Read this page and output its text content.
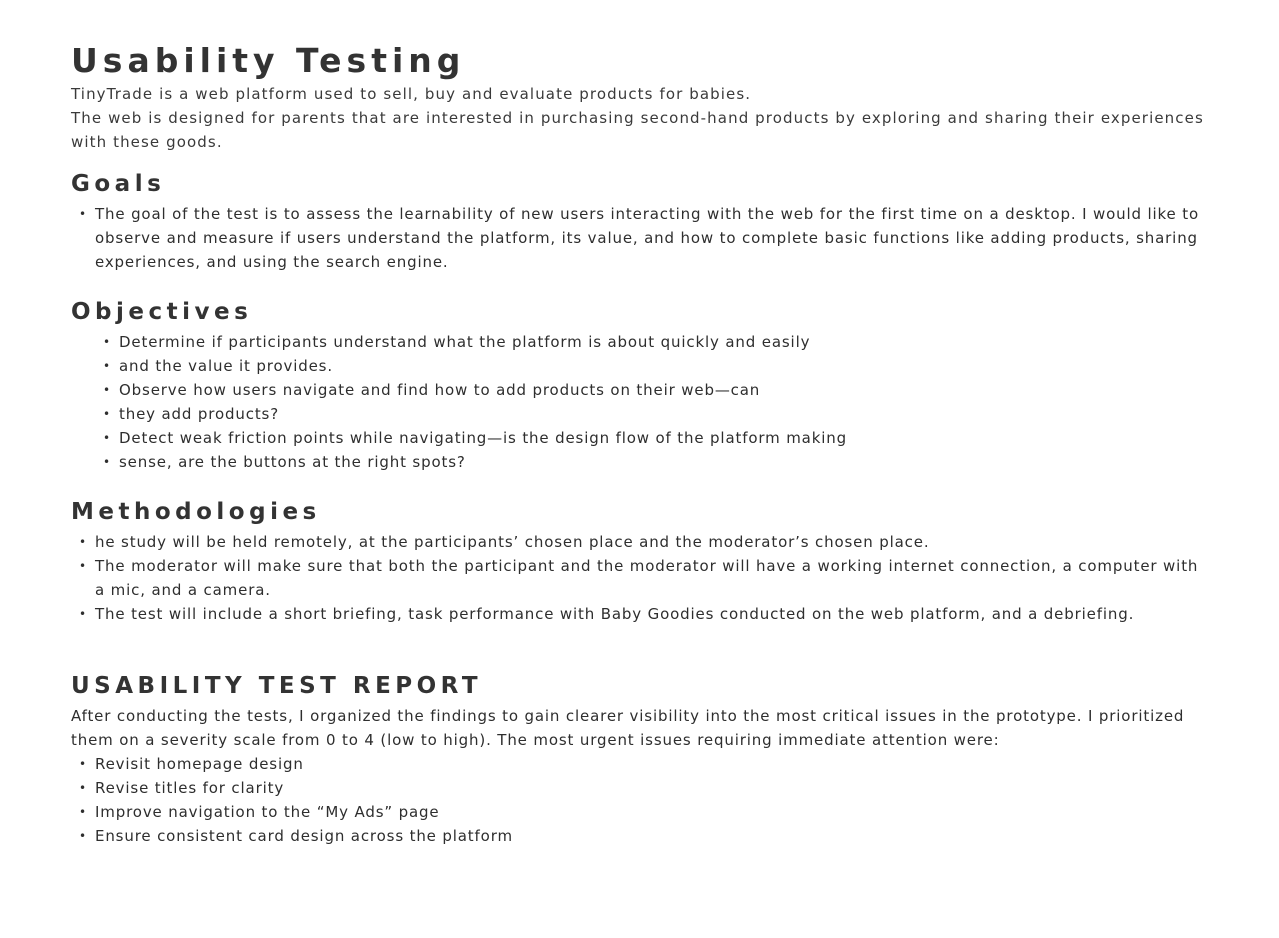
Usability Testing

TinyTrade is a web platform used to sell, buy and evaluate products for babies.

The web is designed for parents that are interested in purchasing second-hand products by exploring and sharing their experiences with these goods.

Goals
• The goal of the test is to assess the learnability of new users interacting with the web for the first time on a desktop. I would like to observe and measure if users understand the platform, its value, and how to complete basic functions like adding products, sharing experiences, and using the search engine.
Objectives
• Determine if participants understand what the platform is about quickly and easily
• and the value it provides.
• Observe how users navigate and find how to add products on their web—can
• they add products?
• Detect weak friction points while navigating—is the design flow of the platform making
• sense, are the buttons at the right spots?
Methodologies
• he study will be held remotely, at the participants’ chosen place and the moderator’s chosen place.
• The moderator will make sure that both the participant and the moderator will have a working internet connection, a computer with a mic, and a camera.
• The test will include a short briefing, task performance with Baby Goodies conducted on the web platform, and a debriefing.
USABILITY TEST REPORT

After conducting the tests, I organized the findings to gain clearer visibility into the most critical issues in the prototype. I prioritized them on a severity scale from 0 to 4 (low to high). The most urgent issues requiring immediate attention were:

• Revisit homepage design
• Revise titles for clarity
• Improve navigation to the “My Ads” page
• Ensure consistent card design across the platform
